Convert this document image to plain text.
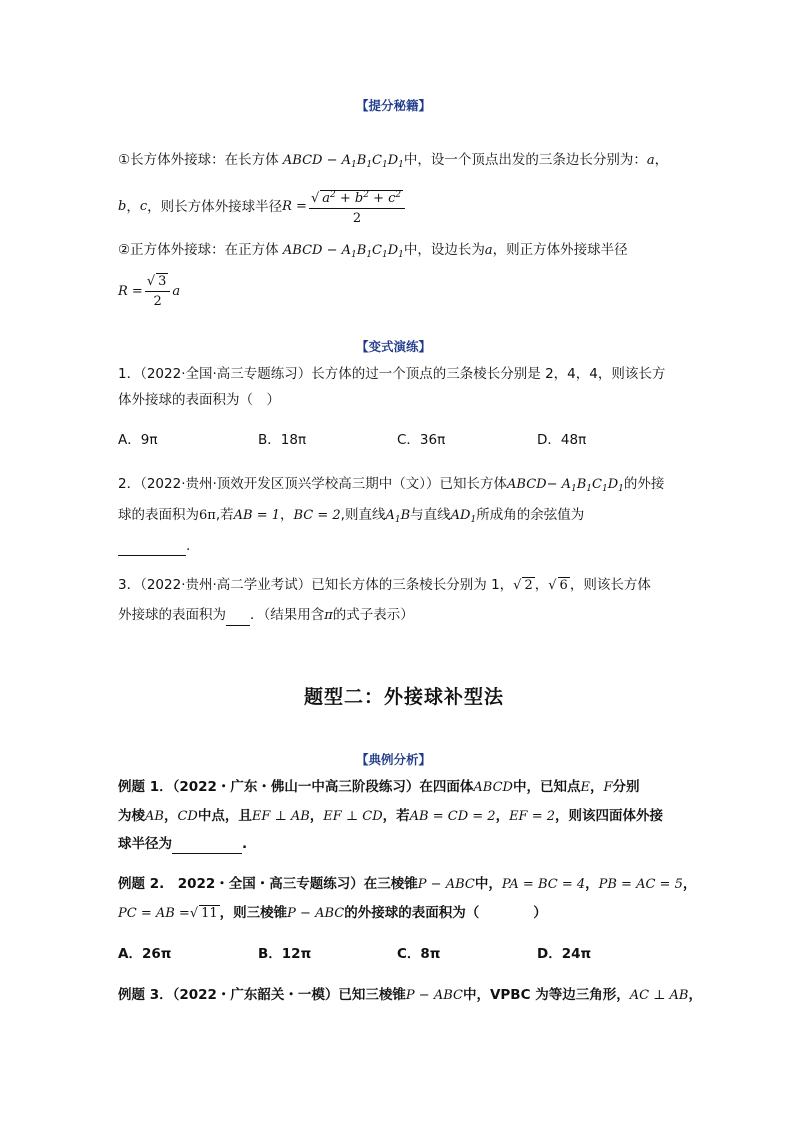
【提分秘籍】
①长方体外接球：在长方体 ABCD − $A_1B_1C_1D_1$中，设一个顶点出发的三条边长分别为：a，
b ， c ，则长方体外接球半径 $R = \frac{√ a^2 + b^2 + c^2}{2}$
②正方体外接球：在正方体 ABCD − $A_1B_1C_1D_1$中，设边长为a，则正方体外接球半径
$R = \frac{√ 3}{2}$ a
【变式演练】
1．（2022·全国·高三专题练习）长方体的过一个顶点的三条棱长分别是 2，4，4，则该长方
体外接球的表面积为（　）
A．9π	B．18π	C．36π	D．48π
2．（2022·贵州·顶效开发区顶兴学校高三期中（文））已知长方体ABCD− $A_1B_1C_1D_1$的外接
球的表面积为6π,若AB = 1，BC = 2,则直线$A_1B$与直线$AD_1$所成角的余弦值为
.
3．（2022·贵州·高二学业考试）已知长方体的三条棱长分别为 1，√ 2 ，√ 6 ，则该长方体
外接球的表面积为 ．（结果用含π的式子表示）
题型二：外接球补型法
【典例分析】
例题 1．（2022・广东・佛山一中高三阶段练习）在四面体ABCD中，已知点E，F分别
为棱AB，CD中点，且EF ⊥ AB，EF ⊥ CD，若AB = CD = 2，EF = 2，则该四面体外接
球半径为	.
例题 2.　2022・全国・高三专题练习）在三棱锥P − ABC中，PA = BC = 4，PB = AC = 5，
PC = AB =√ 11 ，则三棱锥P − ABC的外接球的表面积为（　　　　）
A．26π	B．12π	C．8π	D．24π
例题 3．（2022・广东韶关・一模）已知三棱锥P − ABC中，VPBC 为等边三角形，AC ⊥ AB，
